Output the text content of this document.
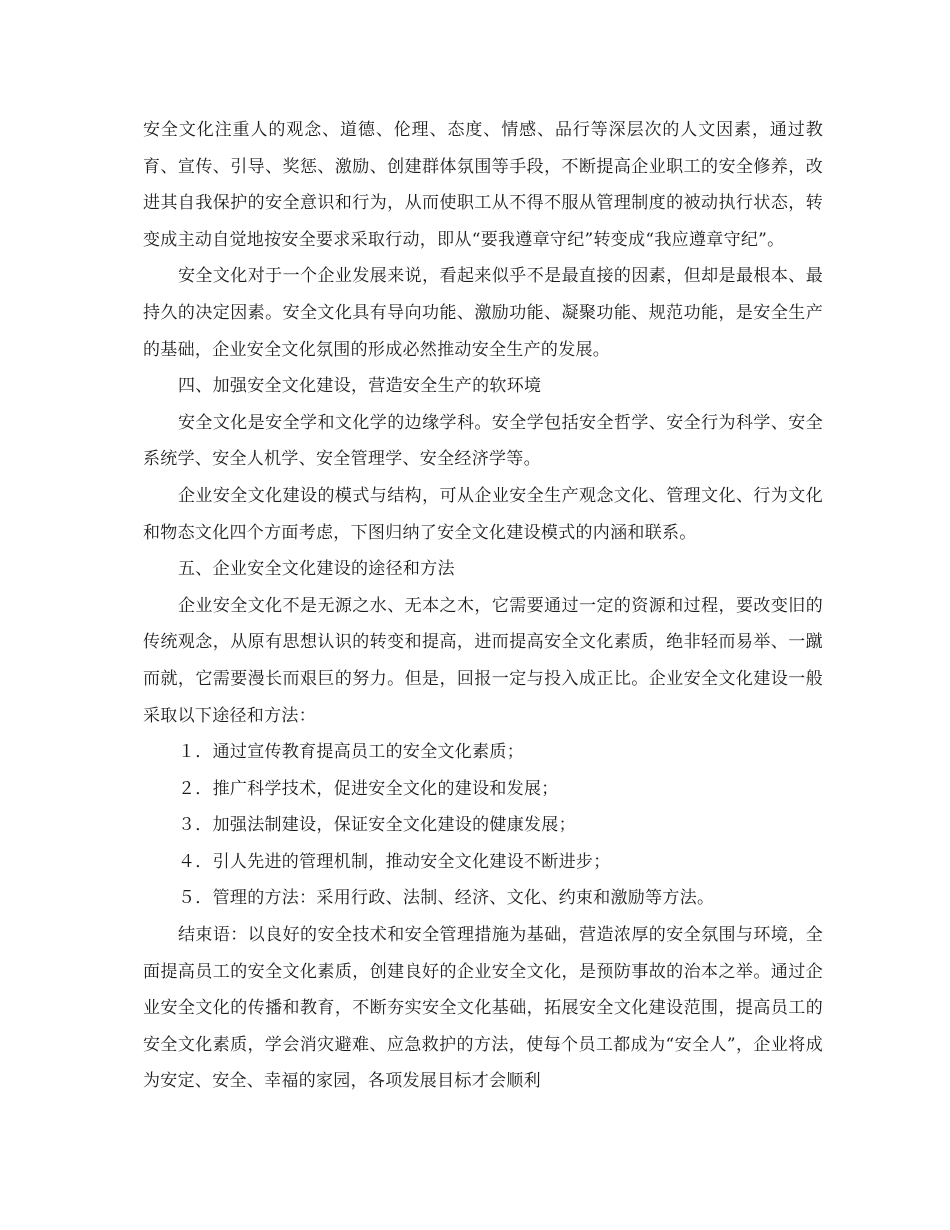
安全文化注重人的观念、道德、伦理、态度、情感、品行等深层次的人文因素，通过教育、宣传、引导、奖惩、激励、创建群体氛围等手段，不断提高企业职工的安全修养，改进其自我保护的安全意识和行为，从而使职工从不得不服从管理制度的被动执行状态，转变成主动自觉地按安全要求采取行动，即从“要我遵章守纪”转变成“我应遵章守纪”。

安全文化对于一个企业发展来说，看起来似乎不是最直接的因素，但却是最根本、最持久的决定因素。安全文化具有导向功能、激励功能、凝聚功能、规范功能，是安全生产的基础，企业安全文化氛围的形成必然推动安全生产的发展。

四、加强安全文化建设，营造安全生产的软环境

安全文化是安全学和文化学的边缘学科。安全学包括安全哲学、安全行为科学、安全系统学、安全人机学、安全管理学、安全经济学等。

企业安全文化建设的模式与结构，可从企业安全生产观念文化、管理文化、行为文化和物态文化四个方面考虑，下图归纳了安全文化建设模式的内涵和联系。

五、企业安全文化建设的途径和方法

企业安全文化不是无源之水、无本之木，它需要通过一定的资源和过程，要改变旧的传统观念，从原有思想认识的转变和提高，进而提高安全文化素质，绝非轻而易举、一蹴而就，它需要漫长而艰巨的努力。但是，回报一定与投入成正比。企业安全文化建设一般采取以下途径和方法：

１．通过宣传教育提高员工的安全文化素质；

２．推广科学技术，促进安全文化的建设和发展；

３．加强法制建设，保证安全文化建设的健康发展；

４．引人先进的管理机制，推动安全文化建设不断进步；

５．管理的方法：采用行政、法制、经济、文化、约束和激励等方法。

结束语：以良好的安全技术和安全管理措施为基础，营造浓厚的安全氛围与环境，全面提高员工的安全文化素质，创建良好的企业安全文化，是预防事故的治本之举。通过企业安全文化的传播和教育，不断夯实安全文化基础，拓展安全文化建设范围，提高员工的安全文化素质，学会消灾避难、应急救护的方法，使每个员工都成为“安全人”，企业将成为安定、安全、幸福的家园，各项发展目标才会顺利
